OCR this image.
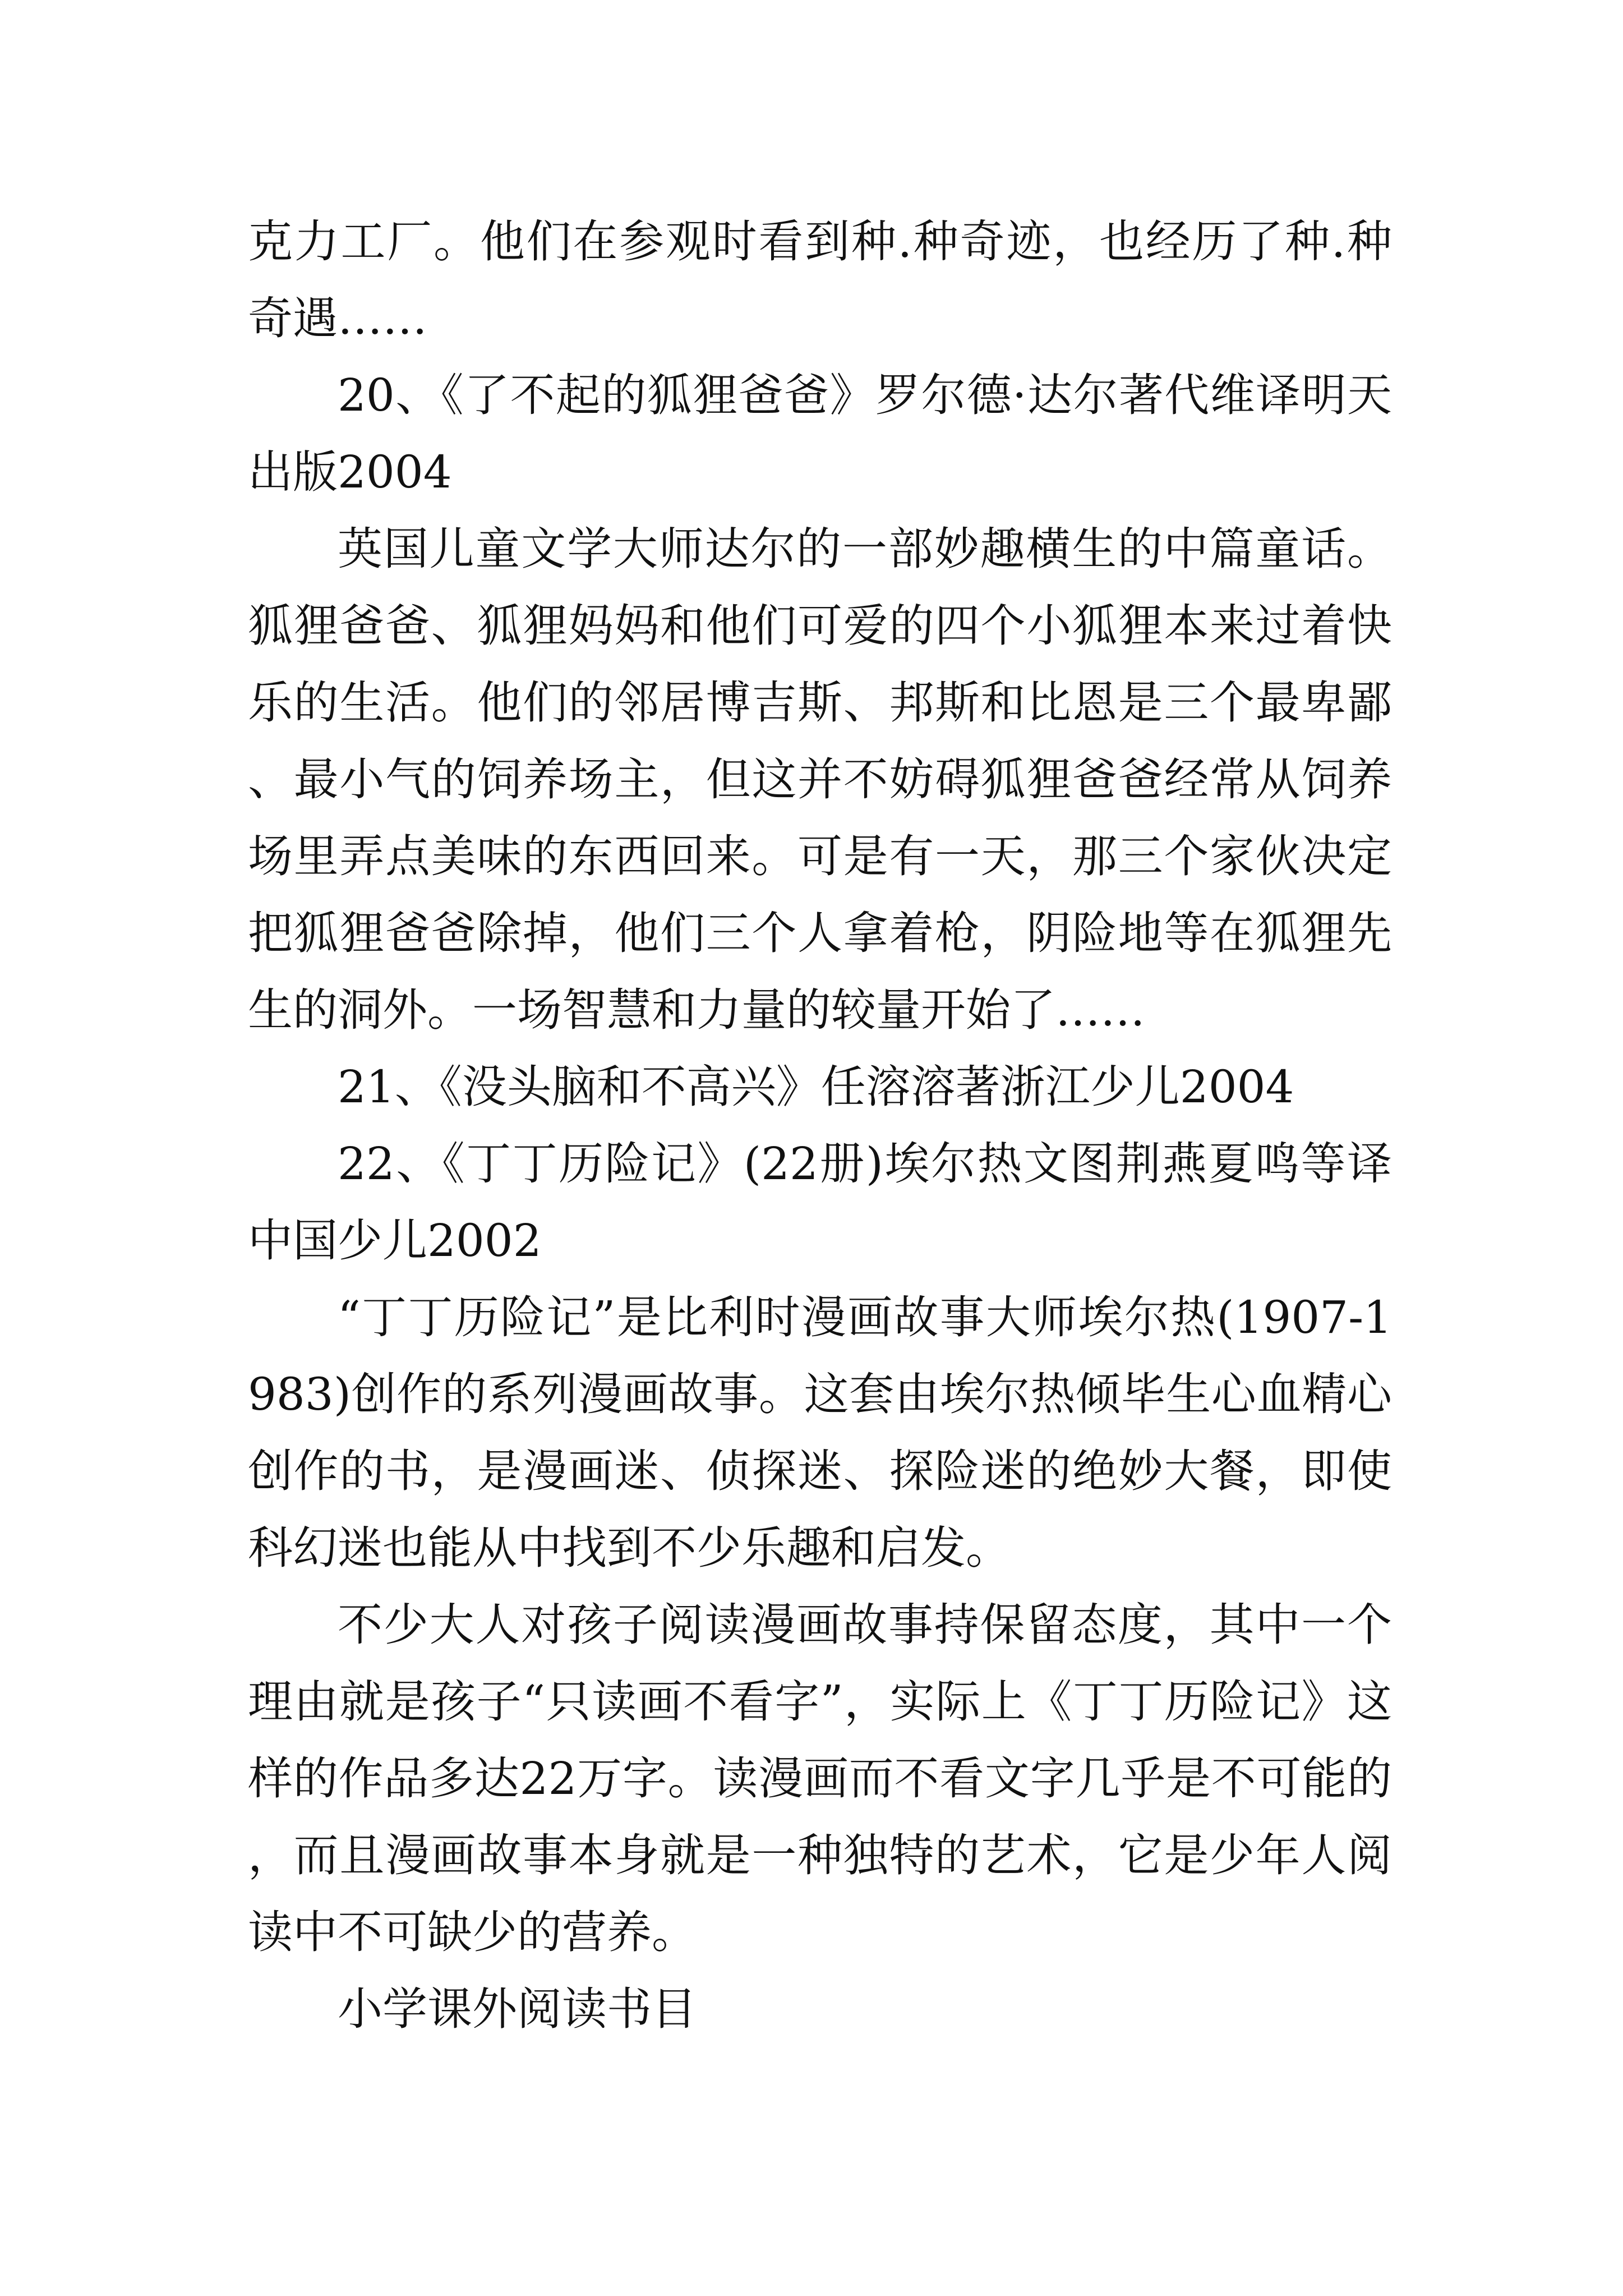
克力工厂。他们在参观时看到种.种奇迹，也经历了种.种奇遇……

20、《了不起的狐狸爸爸》罗尔德·达尔著代维译明天出版2004

英国儿童文学大师达尔的一部妙趣横生的中篇童话。狐狸爸爸、狐狸妈妈和他们可爱的四个小狐狸本来过着快乐的生活。他们的邻居博吉斯、邦斯和比恩是三个最卑鄙、最小气的饲养场主，但这并不妨碍狐狸爸爸经常从饲养场里弄点美味的东西回来。可是有一天，那三个家伙决定把狐狸爸爸除掉，他们三个人拿着枪，阴险地等在狐狸先生的洞外。一场智慧和力量的较量开始了……

21、《没头脑和不高兴》任溶溶著浙江少儿2004

22、《丁丁历险记》(22册)埃尔热文图荆燕夏鸣等译中国少儿2002

“丁丁历险记”是比利时漫画故事大师埃尔热(1907-1983)创作的系列漫画故事。这套由埃尔热倾毕生心血精心创作的书，是漫画迷、侦探迷、探险迷的绝妙大餐，即使科幻迷也能从中找到不少乐趣和启发。

不少大人对孩子阅读漫画故事持保留态度，其中一个理由就是孩子“只读画不看字”，实际上《丁丁历险记》这样的作品多达22万字。读漫画而不看文字几乎是不可能的，而且漫画故事本身就是一种独特的艺术，它是少年人阅读中不可缺少的营养。

小学课外阅读书目
